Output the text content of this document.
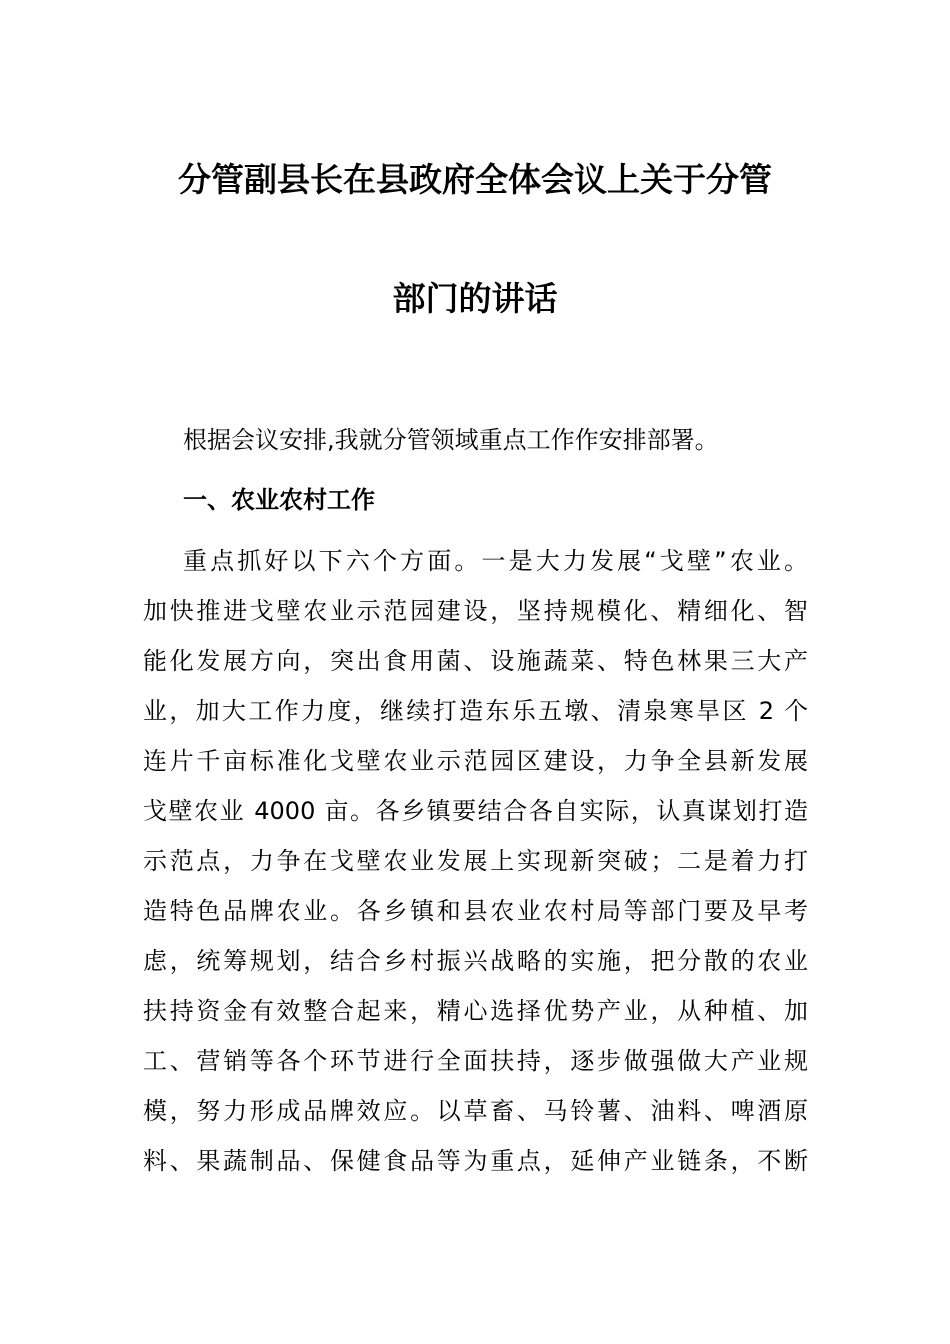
分管副县长在县政府全体会议上关于分管
部门的讲话
根据会议安排,我就分管领域重点工作作安排部署。
一、农业农村工作
重点抓好以下六个方面。一是大力发展“戈壁”农业。
加快推进戈壁农业示范园建设，坚持规模化、精细化、智
能化发展方向，突出食用菌、设施蔬菜、特色林果三大产
业，加大工作力度，继续打造东乐五墩、清泉寒旱区 2 个
连片千亩标准化戈壁农业示范园区建设，力争全县新发展
戈壁农业 4000 亩。各乡镇要结合各自实际，认真谋划打造
示范点，力争在戈壁农业发展上实现新突破；二是着力打
造特色品牌农业。各乡镇和县农业农村局等部门要及早考
虑，统筹规划，结合乡村振兴战略的实施，把分散的农业
扶持资金有效整合起来，精心选择优势产业，从种植、加
工、营销等各个环节进行全面扶持，逐步做强做大产业规
模，努力形成品牌效应。以草畜、马铃薯、油料、啤酒原
料、果蔬制品、保健食品等为重点，延伸产业链条，不断
